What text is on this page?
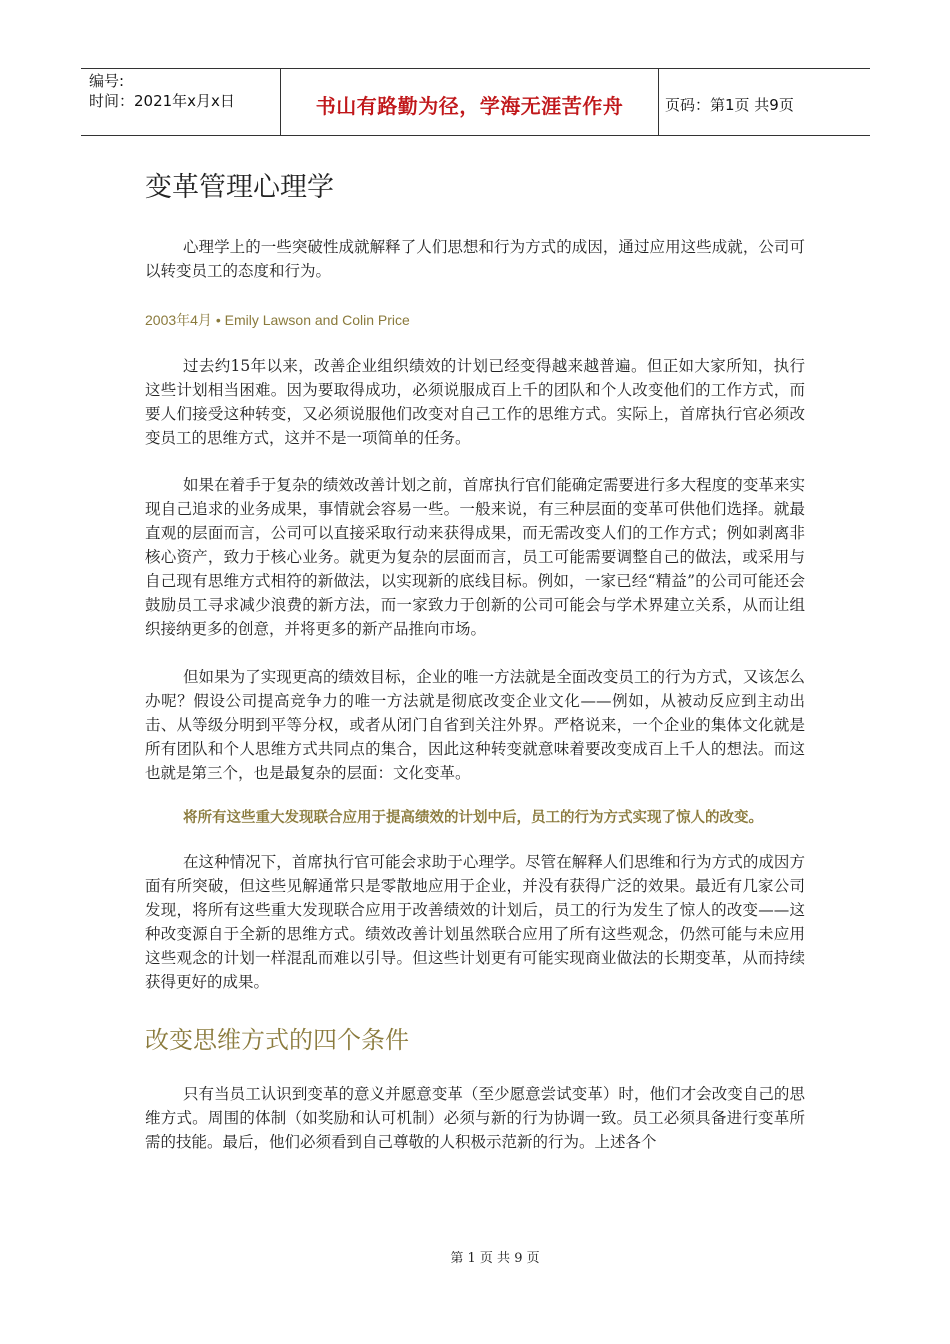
编号:
时间：2021年x月x日	书山有路勤为径，学海无涯苦作舟	页码：第1页 共9页
变革管理心理学

心理学上的一些突破性成就解释了人们思想和行为方式的成因，通过应用这些成就，公司可以转变员工的态度和行为。

2003年4月 • Emily Lawson and Colin Price

过去约15年以来，改善企业组织绩效的计划已经变得越来越普遍。但正如大家所知，执行这些计划相当困难。因为要取得成功，必须说服成百上千的团队和个人改变他们的工作方式，而要人们接受这种转变，又必须说服他们改变对自己工作的思维方式。实际上，首席执行官必须改变员工的思维方式，这并不是一项简单的任务。

如果在着手于复杂的绩效改善计划之前，首席执行官们能确定需要进行多大程度的变革来实现自己追求的业务成果，事情就会容易一些。一般来说，有三种层面的变革可供他们选择。就最直观的层面而言，公司可以直接采取行动来获得成果，而无需改变人们的工作方式；例如剥离非核心资产，致力于核心业务。就更为复杂的层面而言，员工可能需要调整自己的做法，或采用与自己现有思维方式相符的新做法，以实现新的底线目标。例如，一家已经“精益”的公司可能还会鼓励员工寻求减少浪费的新方法，而一家致力于创新的公司可能会与学术界建立关系，从而让组织接纳更多的创意，并将更多的新产品推向市场。

但如果为了实现更高的绩效目标，企业的唯一方法就是全面改变员工的行为方式，又该怎么办呢？假设公司提高竞争力的唯一方法就是彻底改变企业文化——例如，从被动反应到主动出击、从等级分明到平等分权，或者从闭门自省到关注外界。严格说来，一个企业的集体文化就是所有团队和个人思维方式共同点的集合，因此这种转变就意味着要改变成百上千人的想法。而这也就是第三个，也是最复杂的层面：文化变革。

将所有这些重大发现联合应用于提高绩效的计划中后，员工的行为方式实现了惊人的改变。

在这种情况下，首席执行官可能会求助于心理学。尽管在解释人们思维和行为方式的成因方面有所突破，但这些见解通常只是零散地应用于企业，并没有获得广泛的效果。最近有几家公司发现，将所有这些重大发现联合应用于改善绩效的计划后，员工的行为发生了惊人的改变——这种改变源自于全新的思维方式。绩效改善计划虽然联合应用了所有这些观念，仍然可能与未应用这些观念的计划一样混乱而难以引导。但这些计划更有可能实现商业做法的长期变革，从而持续获得更好的成果。

改变思维方式的四个条件

只有当员工认识到变革的意义并愿意变革（至少愿意尝试变革）时，他们才会改变自己的思维方式。周围的体制（如奖励和认可机制）必须与新的行为协调一致。员工必须具备进行变革所需的技能。最后，他们必须看到自己尊敬的人积极示范新的行为。上述各个

第 1 页 共 9 页
